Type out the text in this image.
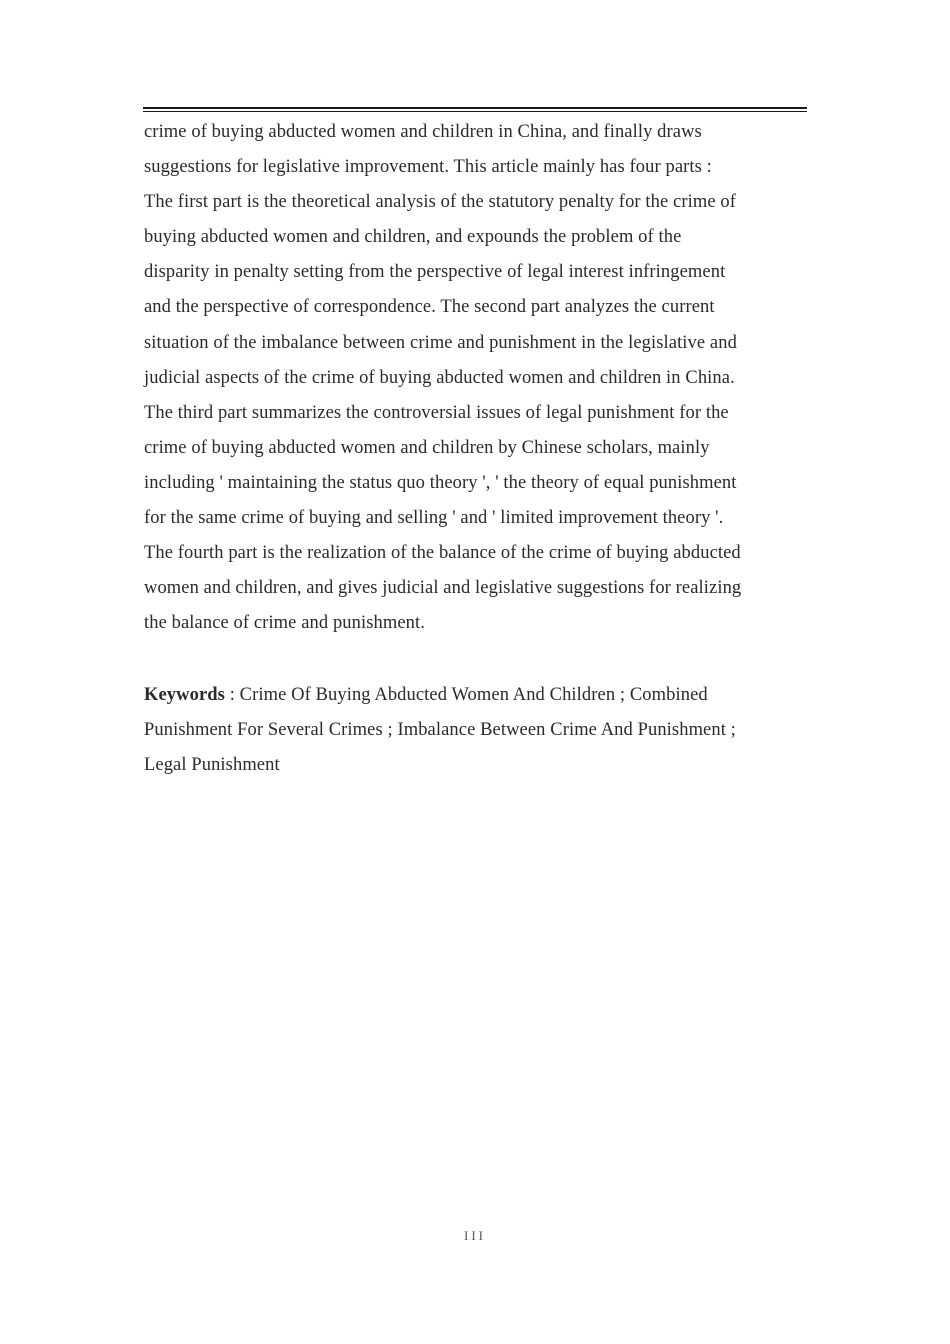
crime of buying abducted women and children in China, and finally draws
suggestions for legislative improvement. This article mainly has four parts :
The first part is the theoretical analysis of the statutory penalty for the crime of
buying abducted women and children, and expounds the problem of the
disparity in penalty setting from the perspective of legal interest infringement
and the perspective of correspondence. The second part analyzes the current
situation of the imbalance between crime and punishment in the legislative and
judicial aspects of the crime of buying abducted women and children in China.
The third part summarizes the controversial issues of legal punishment for the
crime of buying abducted women and children by Chinese scholars, mainly
including ' maintaining the status quo theory ', ' the theory of equal punishment
for the same crime of buying and selling ' and ' limited improvement theory '.
The fourth part is the realization of the balance of the crime of buying abducted
women and children, and gives judicial and legislative suggestions for realizing
the balance of crime and punishment.
Keywords : Crime Of Buying Abducted Women And Children ; Combined
Punishment For Several Crimes ; Imbalance Between Crime And Punishment ;
Legal Punishment
III
